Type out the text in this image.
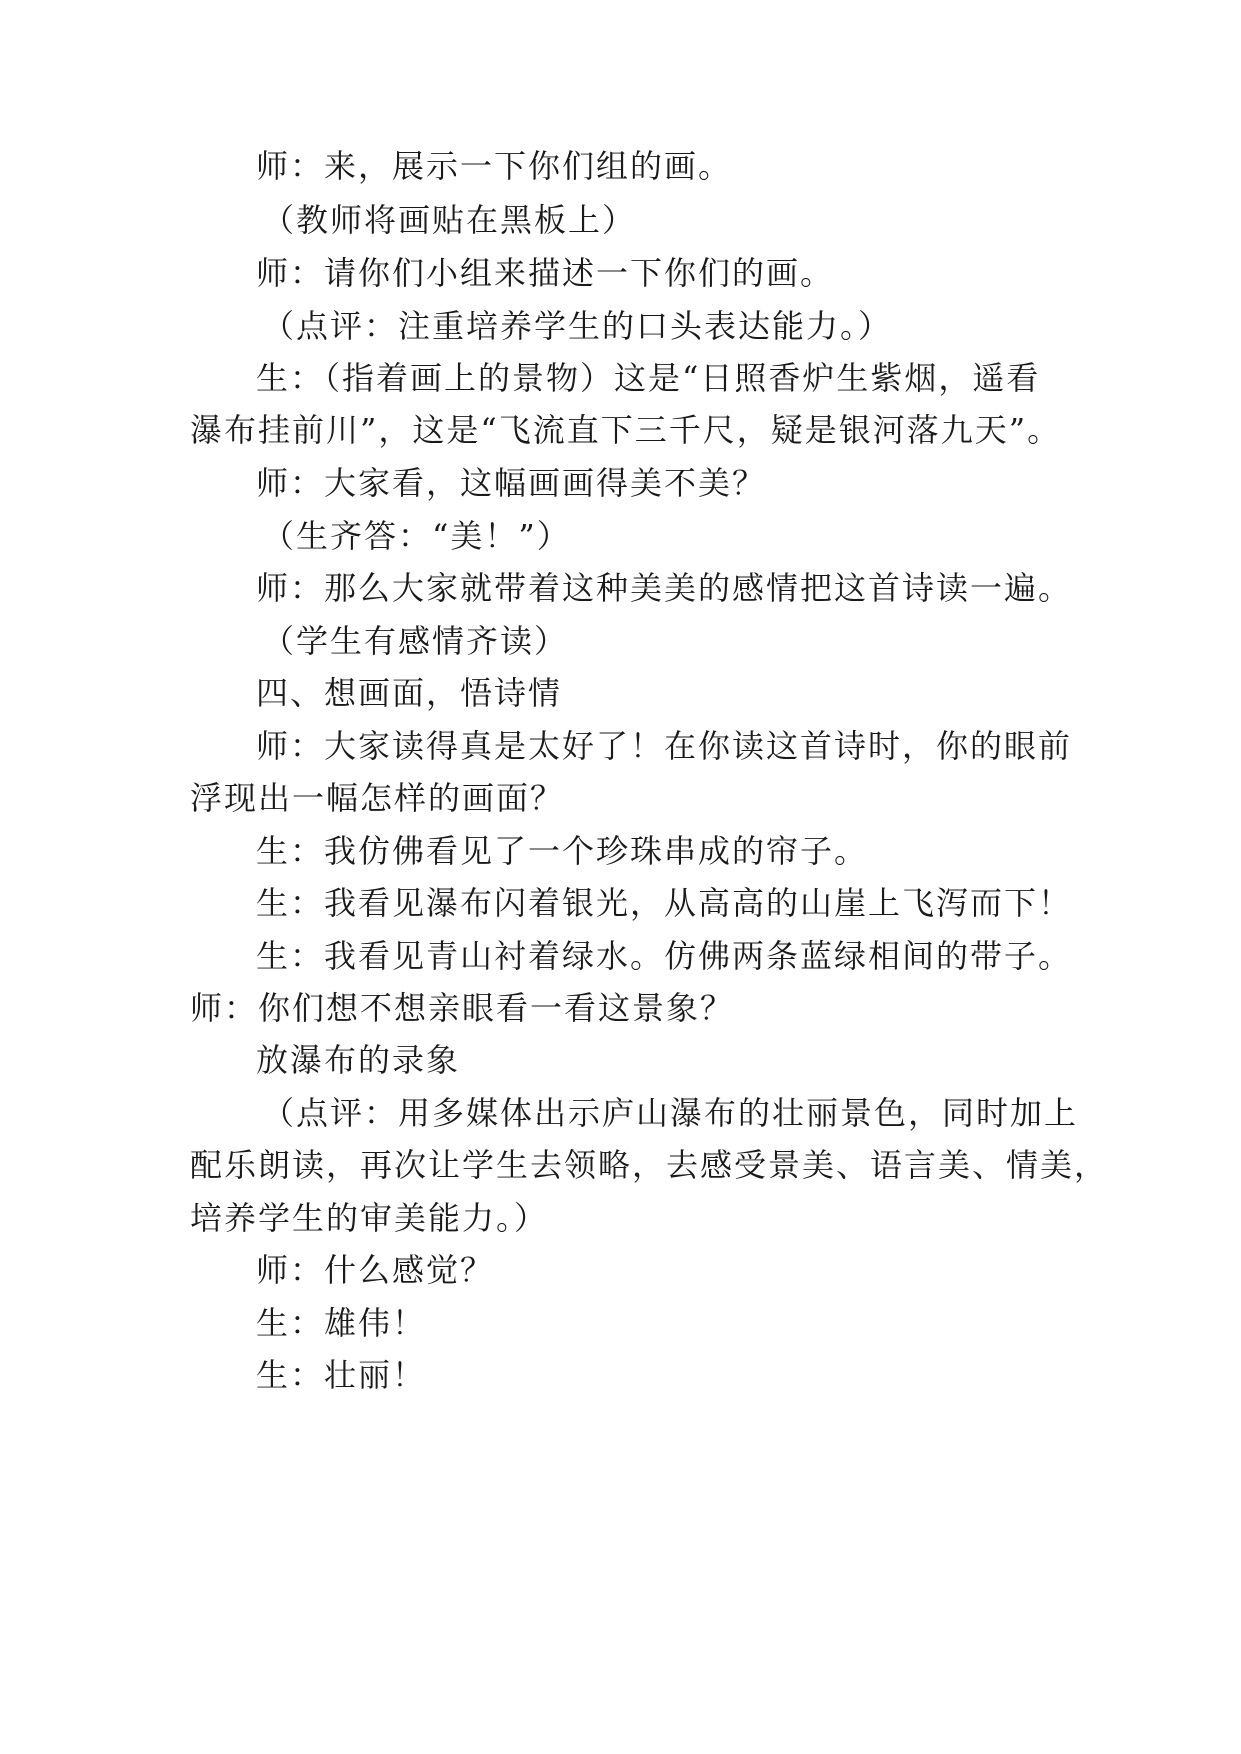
师：来，展示一下你们组的画。
（教师将画贴在黑板上）
师：请你们小组来描述一下你们的画。
（点评：注重培养学生的口头表达能力。）
生：（指着画上的景物）这是“日照香炉生紫烟，遥看
瀑布挂前川”，这是“飞流直下三千尺，疑是银河落九天”。
师：大家看，这幅画画得美不美？
（生齐答：“美！”）
师：那么大家就带着这种美美的感情把这首诗读一遍。
（学生有感情齐读）
四、想画面，悟诗情
师：大家读得真是太好了！在你读这首诗时，你的眼前
浮现出一幅怎样的画面？
生：我仿佛看见了一个珍珠串成的帘子。
生：我看见瀑布闪着银光，从高高的山崖上飞泻而下！
生：我看见青山衬着绿水。仿佛两条蓝绿相间的带子。
师：你们想不想亲眼看一看这景象？
放瀑布的录象
（点评：用多媒体出示庐山瀑布的壮丽景色，同时加上
配乐朗读，再次让学生去领略，去感受景美、语言美、情美，
培养学生的审美能力。）
师：什么感觉？
生：雄伟！
生：壮丽！
